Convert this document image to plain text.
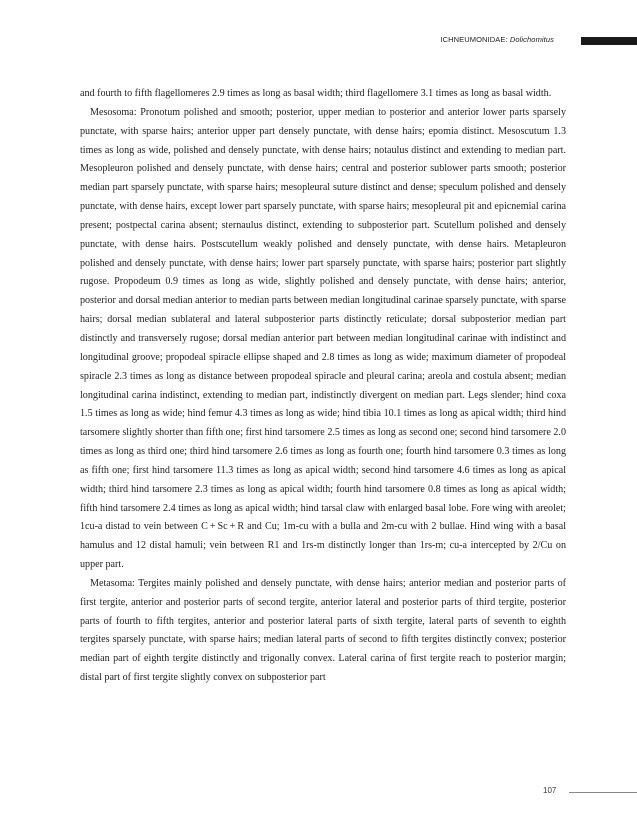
ICHNEUMONIDAE: Dolichomitus

and fourth to fifth flagellomeres 2.9 times as long as basal width; third flagellomere 3.1 times as long as basal width.

Mesosoma: Pronotum polished and smooth; posterior, upper median to posterior and anterior lower parts sparsely punctate, with sparse hairs; anterior upper part densely punctate, with dense hairs; epomia distinct. Mesoscutum 1.3 times as long as wide, polished and densely punctate, with dense hairs; notaulus distinct and extending to median part. Mesopleuron polished and densely punctate, with dense hairs; central and posterior sublower parts smooth; posterior median part sparsely punctate, with sparse hairs; mesopleural suture distinct and dense; speculum polished and densely punctate, with dense hairs, except lower part sparsely punctate, with sparse hairs; mesopleural pit and epicnemial carina present; postpectal carina absent; sternaulus distinct, extending to subposterior part. Scutellum polished and densely punctate, with dense hairs. Postscutellum weakly polished and densely punctate, with dense hairs. Metapleuron polished and densely punctate, with dense hairs; lower part sparsely punctate, with sparse hairs; posterior part slightly rugose. Propodeum 0.9 times as long as wide, slightly polished and densely punctate, with dense hairs; anterior, posterior and dorsal median anterior to median parts between median longitudinal carinae sparsely punctate, with sparse hairs; dorsal median sublateral and lateral subposterior parts distinctly reticulate; dorsal subposterior median part distinctly and transversely rugose; dorsal median anterior part between median longitudinal carinae with indistinct and longitudinal groove; propodeal spiracle ellipse shaped and 2.8 times as long as wide; maximum diameter of propodeal spiracle 2.3 times as long as distance between propodeal spiracle and pleural carina; areola and costula absent; median longitudinal carina indistinct, extending to median part, indistinctly divergent on median part. Legs slender; hind coxa 1.5 times as long as wide; hind femur 4.3 times as long as wide; hind tibia 10.1 times as long as apical width; third hind tarsomere slightly shorter than fifth one; first hind tarsomere 2.5 times as long as second one; second hind tarsomere 2.0 times as long as third one; third hind tarsomere 2.6 times as long as fourth one; fourth hind tarsomere 0.3 times as long as fifth one; first hind tarsomere 11.3 times as long as apical width; second hind tarsomere 4.6 times as long as apical width; third hind tarsomere 2.3 times as long as apical width; fourth hind tarsomere 0.8 times as long as apical width; fifth hind tarsomere 2.4 times as long as apical width; hind tarsal claw with enlarged basal lobe. Fore wing with areolet; 1cu-a distad to vein between C + Sc + R and Cu; 1m-cu with a bulla and 2m-cu with 2 bullae. Hind wing with a basal hamulus and 12 distal hamuli; vein between R1 and 1rs-m distinctly longer than 1rs-m; cu-a intercepted by 2/Cu on upper part.

Metasoma: Tergites mainly polished and densely punctate, with dense hairs; anterior median and posterior parts of first tergite, anterior and posterior parts of second tergite, anterior lateral and posterior parts of third tergite, posterior parts of fourth to fifth tergites, anterior and posterior lateral parts of sixth tergite, lateral parts of seventh to eighth tergites sparsely punctate, with sparse hairs; median lateral parts of second to fifth tergites distinctly convex; posterior median part of eighth tergite distinctly and trigonally convex. Lateral carina of first tergite reach to posterior margin; distal part of first tergite slightly convex on subposterior part

107
